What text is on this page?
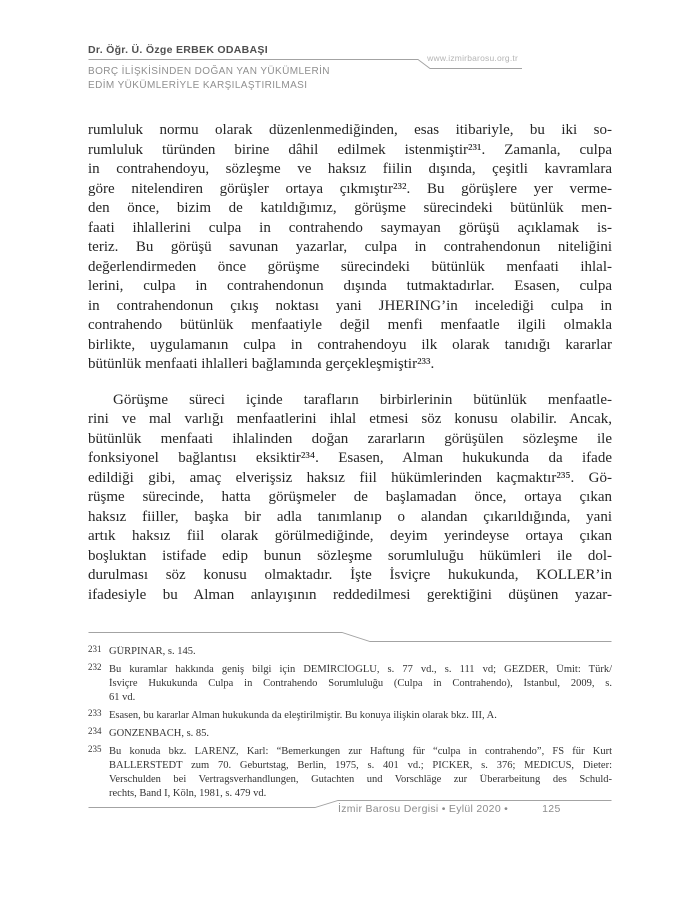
Dr. Öğr. Ü. Özge ERBEK ODABAŞI
www.izmirbarosu.org.tr
BORÇ İLİŞKİSİNDEN DOĞAN YAN YÜKÜMLERİN
EDİM YÜKÜMLERİYLE KARŞILAŞTIRILMASI
rumluluk normu olarak düzenlenmediğinden, esas itibariyle, bu iki so-
rumluluk türünden birine dâhil edilmek istenmiştir²³¹. Zamanla, culpa
in contrahendoyu, sözleşme ve haksız fiilin dışında, çeşitli kavramlara
göre nitelendiren görüşler ortaya çıkmıştır²³². Bu görüşlere yer verme-
den önce, bizim de katıldığımız, görüşme sürecindeki bütünlük men-
faati ihlallerini culpa in contrahendo saymayan görüşü açıklamak is-
teriz. Bu görüşü savunan yazarlar, culpa in contrahendonun niteliğini
değerlendirmeden önce görüşme sürecindeki bütünlük menfaati ihlal-
lerini, culpa in contrahendonun dışında tutmaktadırlar. Esasen, culpa
in contrahendonun çıkış noktası yani JHERING’in incelediği culpa in
contrahendo bütünlük menfaatiyle değil menfi menfaatle ilgili olmakla
birlikte, uygulamanın culpa in contrahendoyu ilk olarak tanıdığı kararlar
bütünlük menfaati ihlalleri bağlamında gerçekleşmiştir²³³.
Görüşme süreci içinde tarafların birbirlerinin bütünlük menfaatle-
rini ve mal varlığı menfaatlerini ihlal etmesi söz konusu olabilir. Ancak,
bütünlük menfaati ihlalinden doğan zararların görüşülen sözleşme ile
fonksiyonel bağlantısı eksiktir²³⁴. Esasen, Alman hukukunda da ifade
edildiği gibi, amaç elverişsiz haksız fiil hükümlerinden kaçmaktır²³⁵. Gö-
rüşme sürecinde, hatta görüşmeler de başlamadan önce, ortaya çıkan
haksız fiiller, başka bir adla tanımlanıp o alandan çıkarıldığında, yani
artık haksız fiil olarak görülmediğinde, deyim yerindeyse ortaya çıkan
boşluktan istifade edip bunun sözleşme sorumluluğu hükümleri ile dol-
durulması söz konusu olmaktadır. İşte İsviçre hukukunda, KOLLER’in
ifadesiyle bu Alman anlayışının reddedilmesi gerektiğini düşünen yazar-
231 GÜRPINAR, s. 145.
232 Bu kuramlar hakkında geniş bilgi için DEMİRCİOĞLU, s. 77 vd., s. 111 vd; GEZDER, Ümit: Türk/
İsviçre Hukukunda Culpa in Contrahendo Sorumluluğu (Culpa in Contrahendo), İstanbul, 2009, s.
61 vd.
233 Esasen, bu kararlar Alman hukukunda da eleştirilmiştir. Bu konuya ilişkin olarak bkz. III, A.
234 GONZENBACH, s. 85.
235 Bu konuda bkz. LARENZ, Karl: “Bemerkungen zur Haftung für “culpa in contrahendo”, FS für Kurt
BALLERSTEDT zum 70. Geburtstag, Berlin, 1975, s. 401 vd.; PICKER, s. 376; MEDICUS, Dieter:
Verschulden bei Vertragsverhandlungen, Gutachten und Vorschläge zur Überarbeitung des Schuld-
rechts, Band I, Köln, 1981, s. 479 vd.
İzmir Barosu Dergisi • Eylül 2020 •	125
